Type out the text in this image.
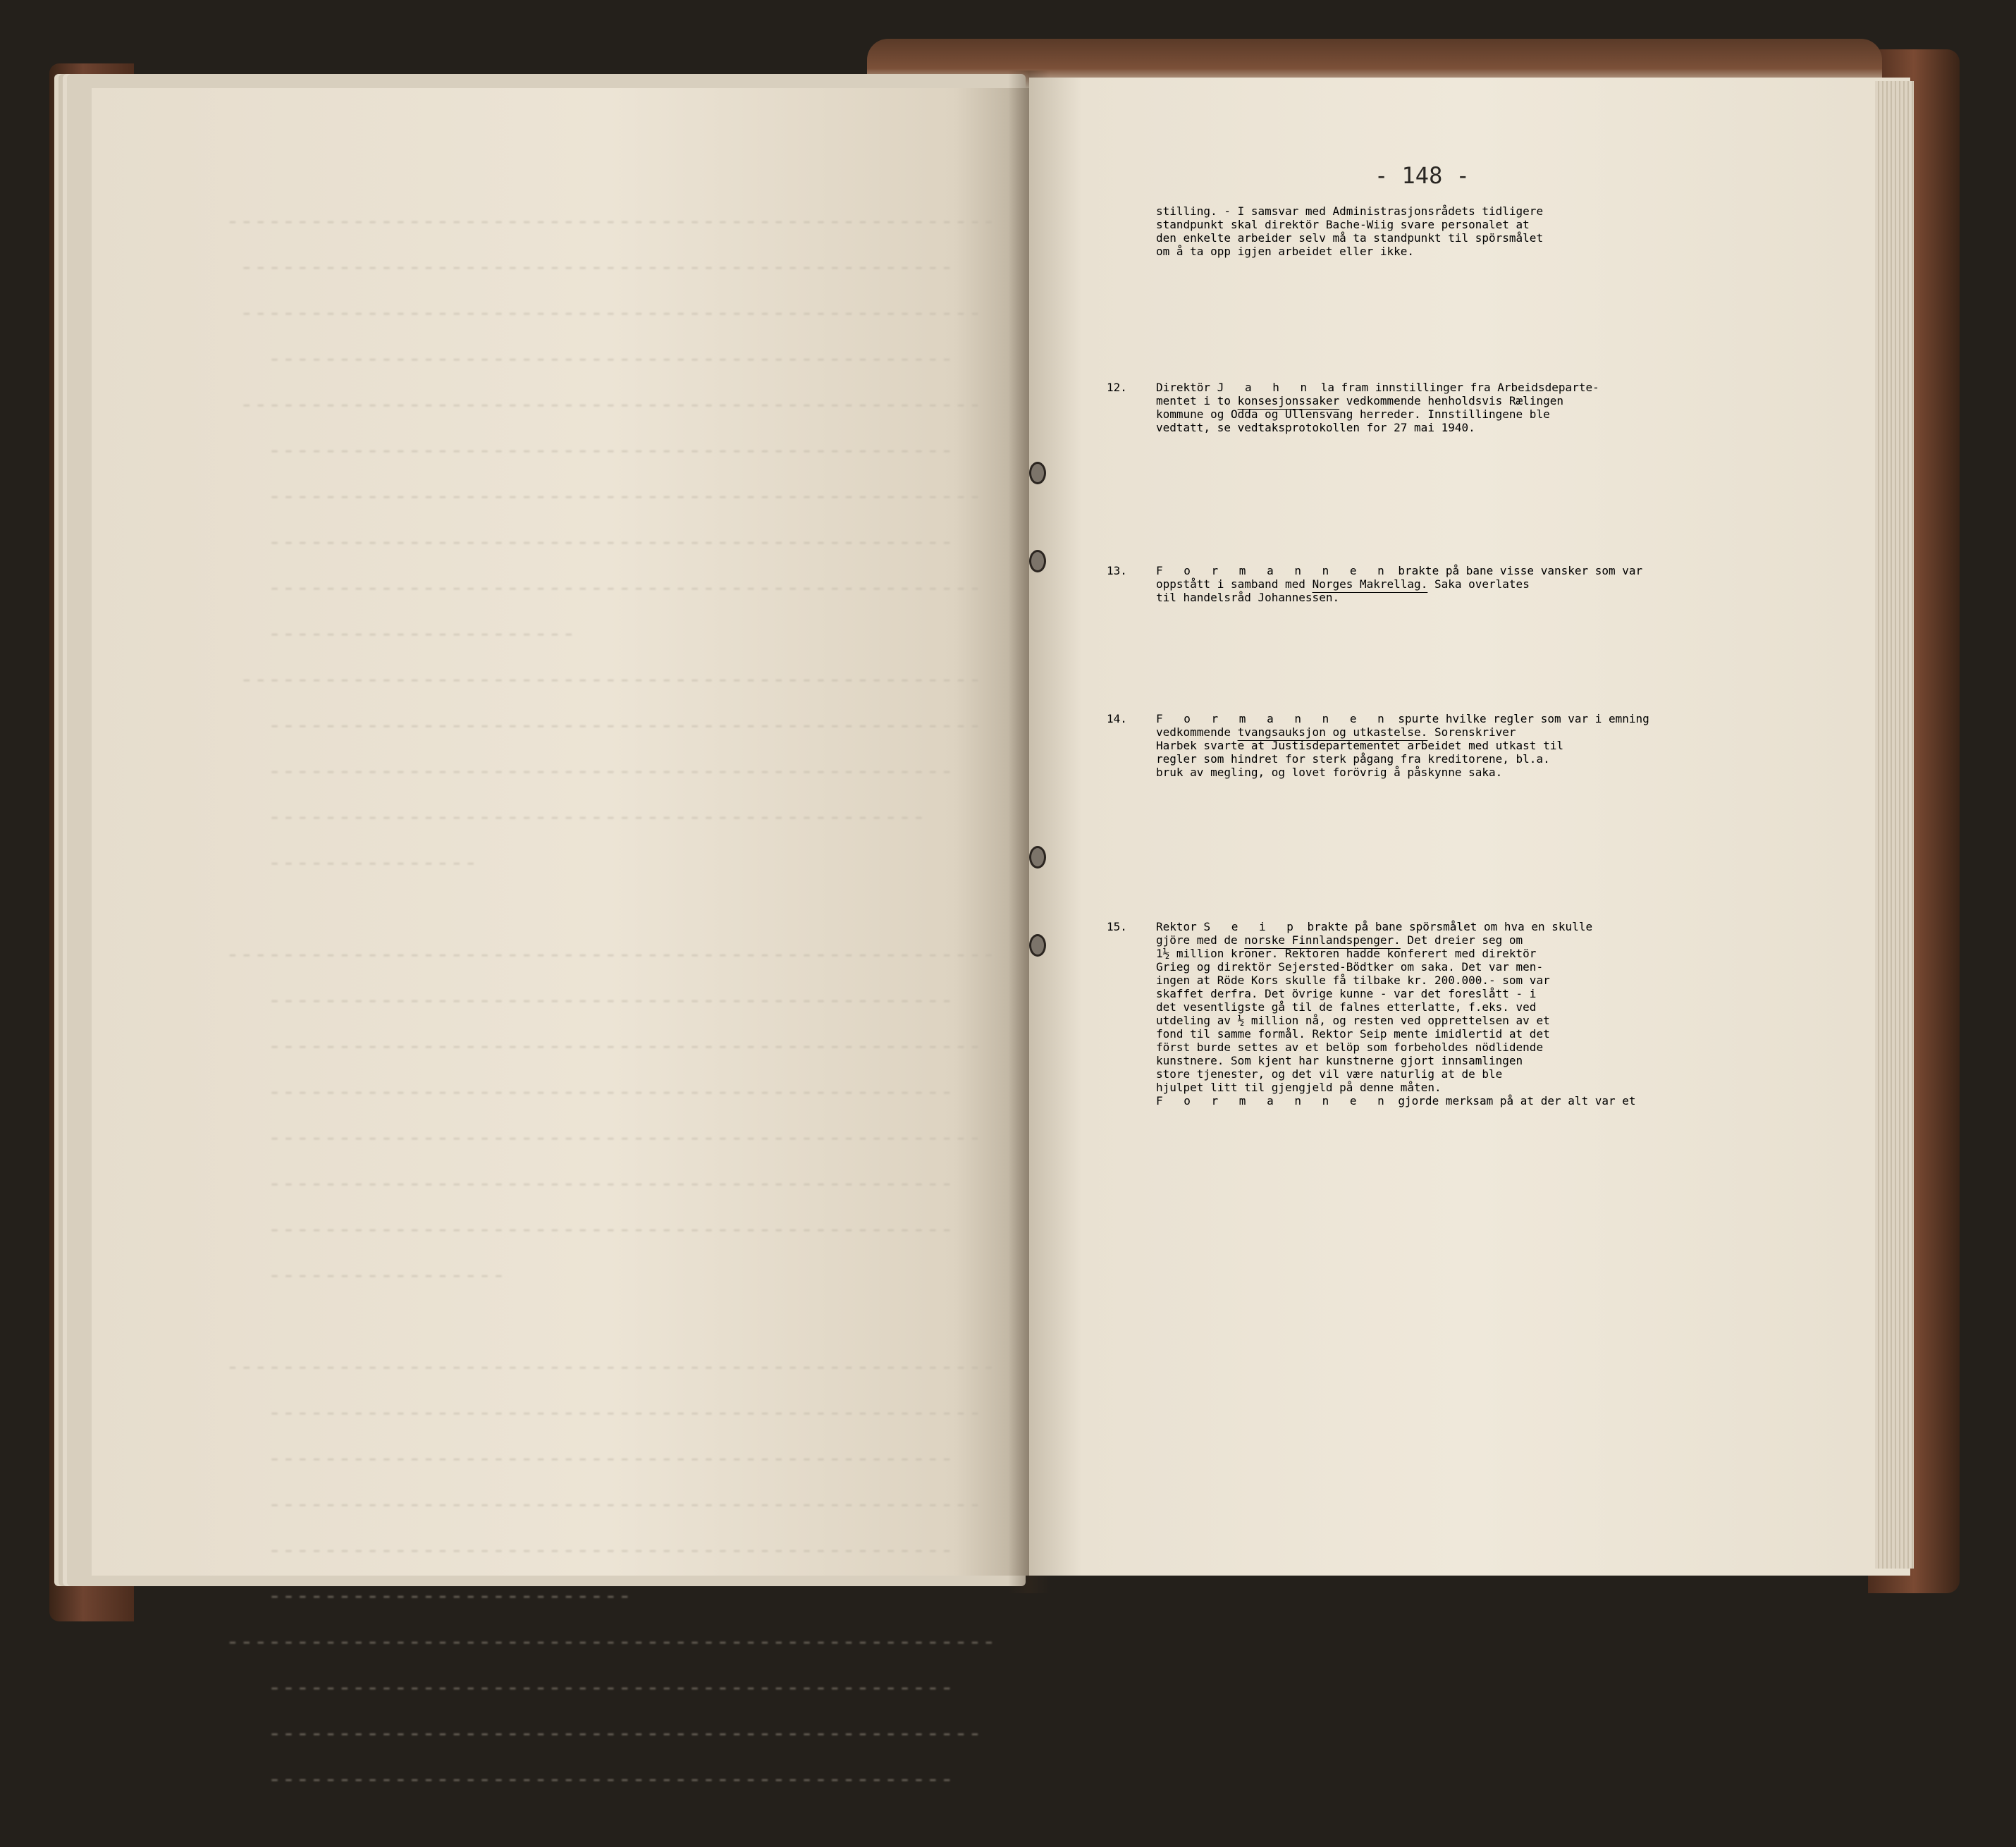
-------------------------------------------------------
---------------------------------------------------
-----------------------------------------------------
-------------------------------------------------
-----------------------------------------------------
-------------------------------------------------
---------------------------------------------------
-------------------------------------------------
---------------------------------------------------
----------------------
-----------------------------------------------------
---------------------------------------------------
-------------------------------------------------
-----------------------------------------------
---------------

-------------------------------------------------------
-------------------------------------------------
---------------------------------------------------
-------------------------------------------------
---------------------------------------------------
-------------------------------------------------
-------------------------------------------------
-----------------

-------------------------------------------------------
---------------------------------------------------
-------------------------------------------------
---------------------------------------------------
-------------------------------------------------
--------------------------
-------------------------------------------------------
-------------------------------------------------
---------------------------------------------------
-------------------------------------------------

- 148 -
stilling. - I samsvar med Administrasjonsrådets tidligere
standpunkt skal direktör Bache-Wiig svare personalet at
den enkelte arbeider selv må ta standpunkt til spörsmålet
om å ta opp igjen arbeidet eller ikke.
12.	Direktör J a h n la fram innstillinger fra Arbeidsdeparte-
mentet i to konsesjonssaker vedkommende henholdsvis Rælingen
kommune og Odda og Ullensvang herreder. Innstillingene ble
vedtatt, se vedtaksprotokollen for 27 mai 1940.
13.	F o r m a n n e n brakte på bane visse vansker som var
oppstått i samband med Norges Makrellag. Saka overlates
til handelsråd Johannessen.
14.	F o r m a n n e n spurte hvilke regler som var i emning
vedkommende tvangsauksjon og utkastelse. Sorenskriver
Harbek svarte at Justisdepartementet arbeidet med utkast til
regler som hindret for sterk pågang fra kreditorene, bl.a.
bruk av megling, og lovet forövrig å påskynne saka.
15.	Rektor S e i p brakte på bane spörsmålet om hva en skulle
gjöre med de norske Finnlandspenger. Det dreier seg om
1½ million kroner. Rektoren hadde konferert med direktör
Grieg og direktör Sejersted-Bödtker om saka. Det var men-
ingen at Röde Kors skulle få tilbake kr. 200.000.- som var
skaffet derfra. Det övrige kunne - var det foreslått - i
det vesentligste gå til de falnes etterlatte, f.eks. ved
utdeling av ½ million nå, og resten ved opprettelsen av et
fond til samme formål. Rektor Seip mente imidlertid at det
först burde settes av et belöp som forbeholdes nödlidende
kunstnere. Som kjent har kunstnerne gjort innsamlingen
store tjenester, og det vil være naturlig at de ble
hjulpet litt til gjengjeld på denne måten.
F o r m a n n e n gjorde merksam på at der alt var et
